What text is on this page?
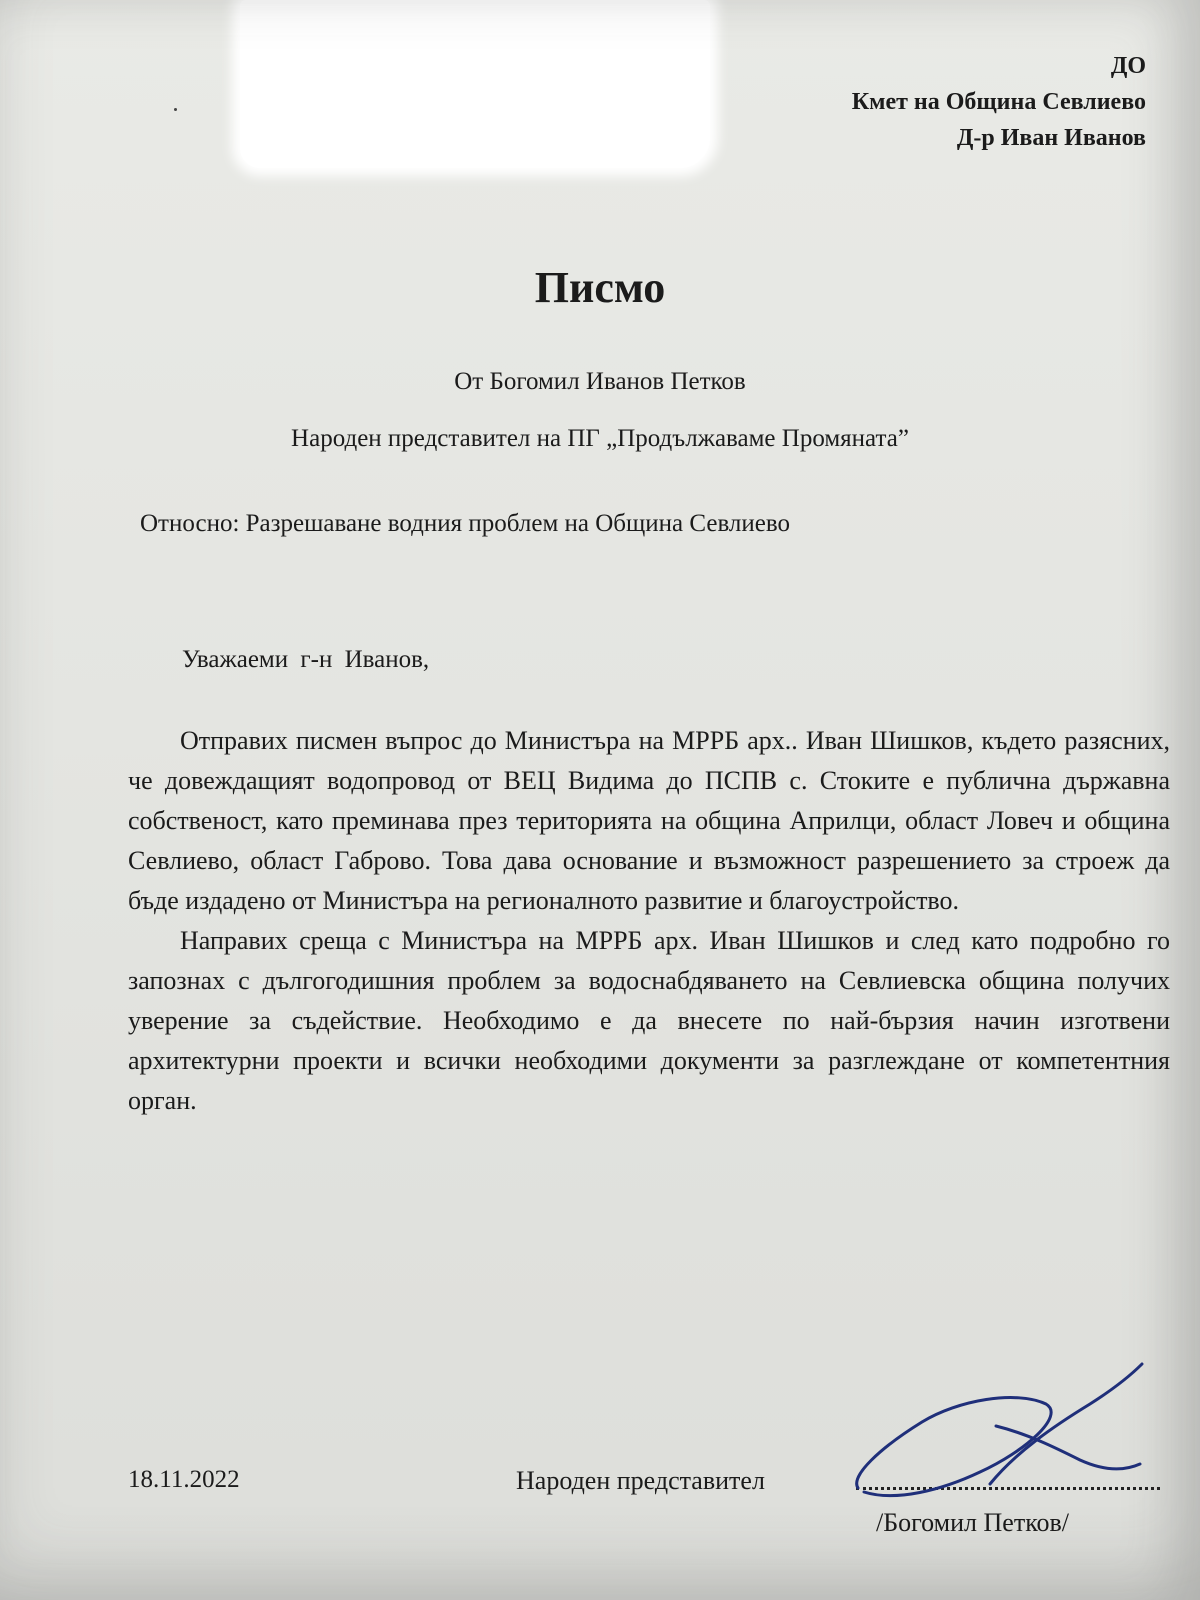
ДО
Кмет на Община Севлиево
Д-р Иван Иванов
Писмо
От Богомил Иванов Петков
Народен представител на ПГ „Продължаваме Промяната”
Относно: Разрешаване водния проблем на Община Севлиево
Уважаеми г-н Иванов,

Отправих писмен въпрос до Министъра на МРРБ арх.. Иван Шишков, където разясних, че довеждащият водопровод от ВЕЦ Видима до ПСПВ с. Стоките е публична държавна собственост, като преминава през територията на община Априлци, област Ловеч и община Севлиево, област Габрово. Това дава основание и възможност разрешението за строеж да бъде издадено от Министъра на регионалното развитие и благоустройство.

Направих среща с Министъра на МРРБ арх. Иван Шишков и след като подробно го запознах с дългогодишния проблем за водоснабдяването на Севлиевска община получих уверение за съдействие. Необходимо е да внесете по най-бързия начин изготвени архитектурни проекти и всички необходими документи за разглеждане от компетентния орган.

18.11.2022	Народен представител
/Богомил Петков/
